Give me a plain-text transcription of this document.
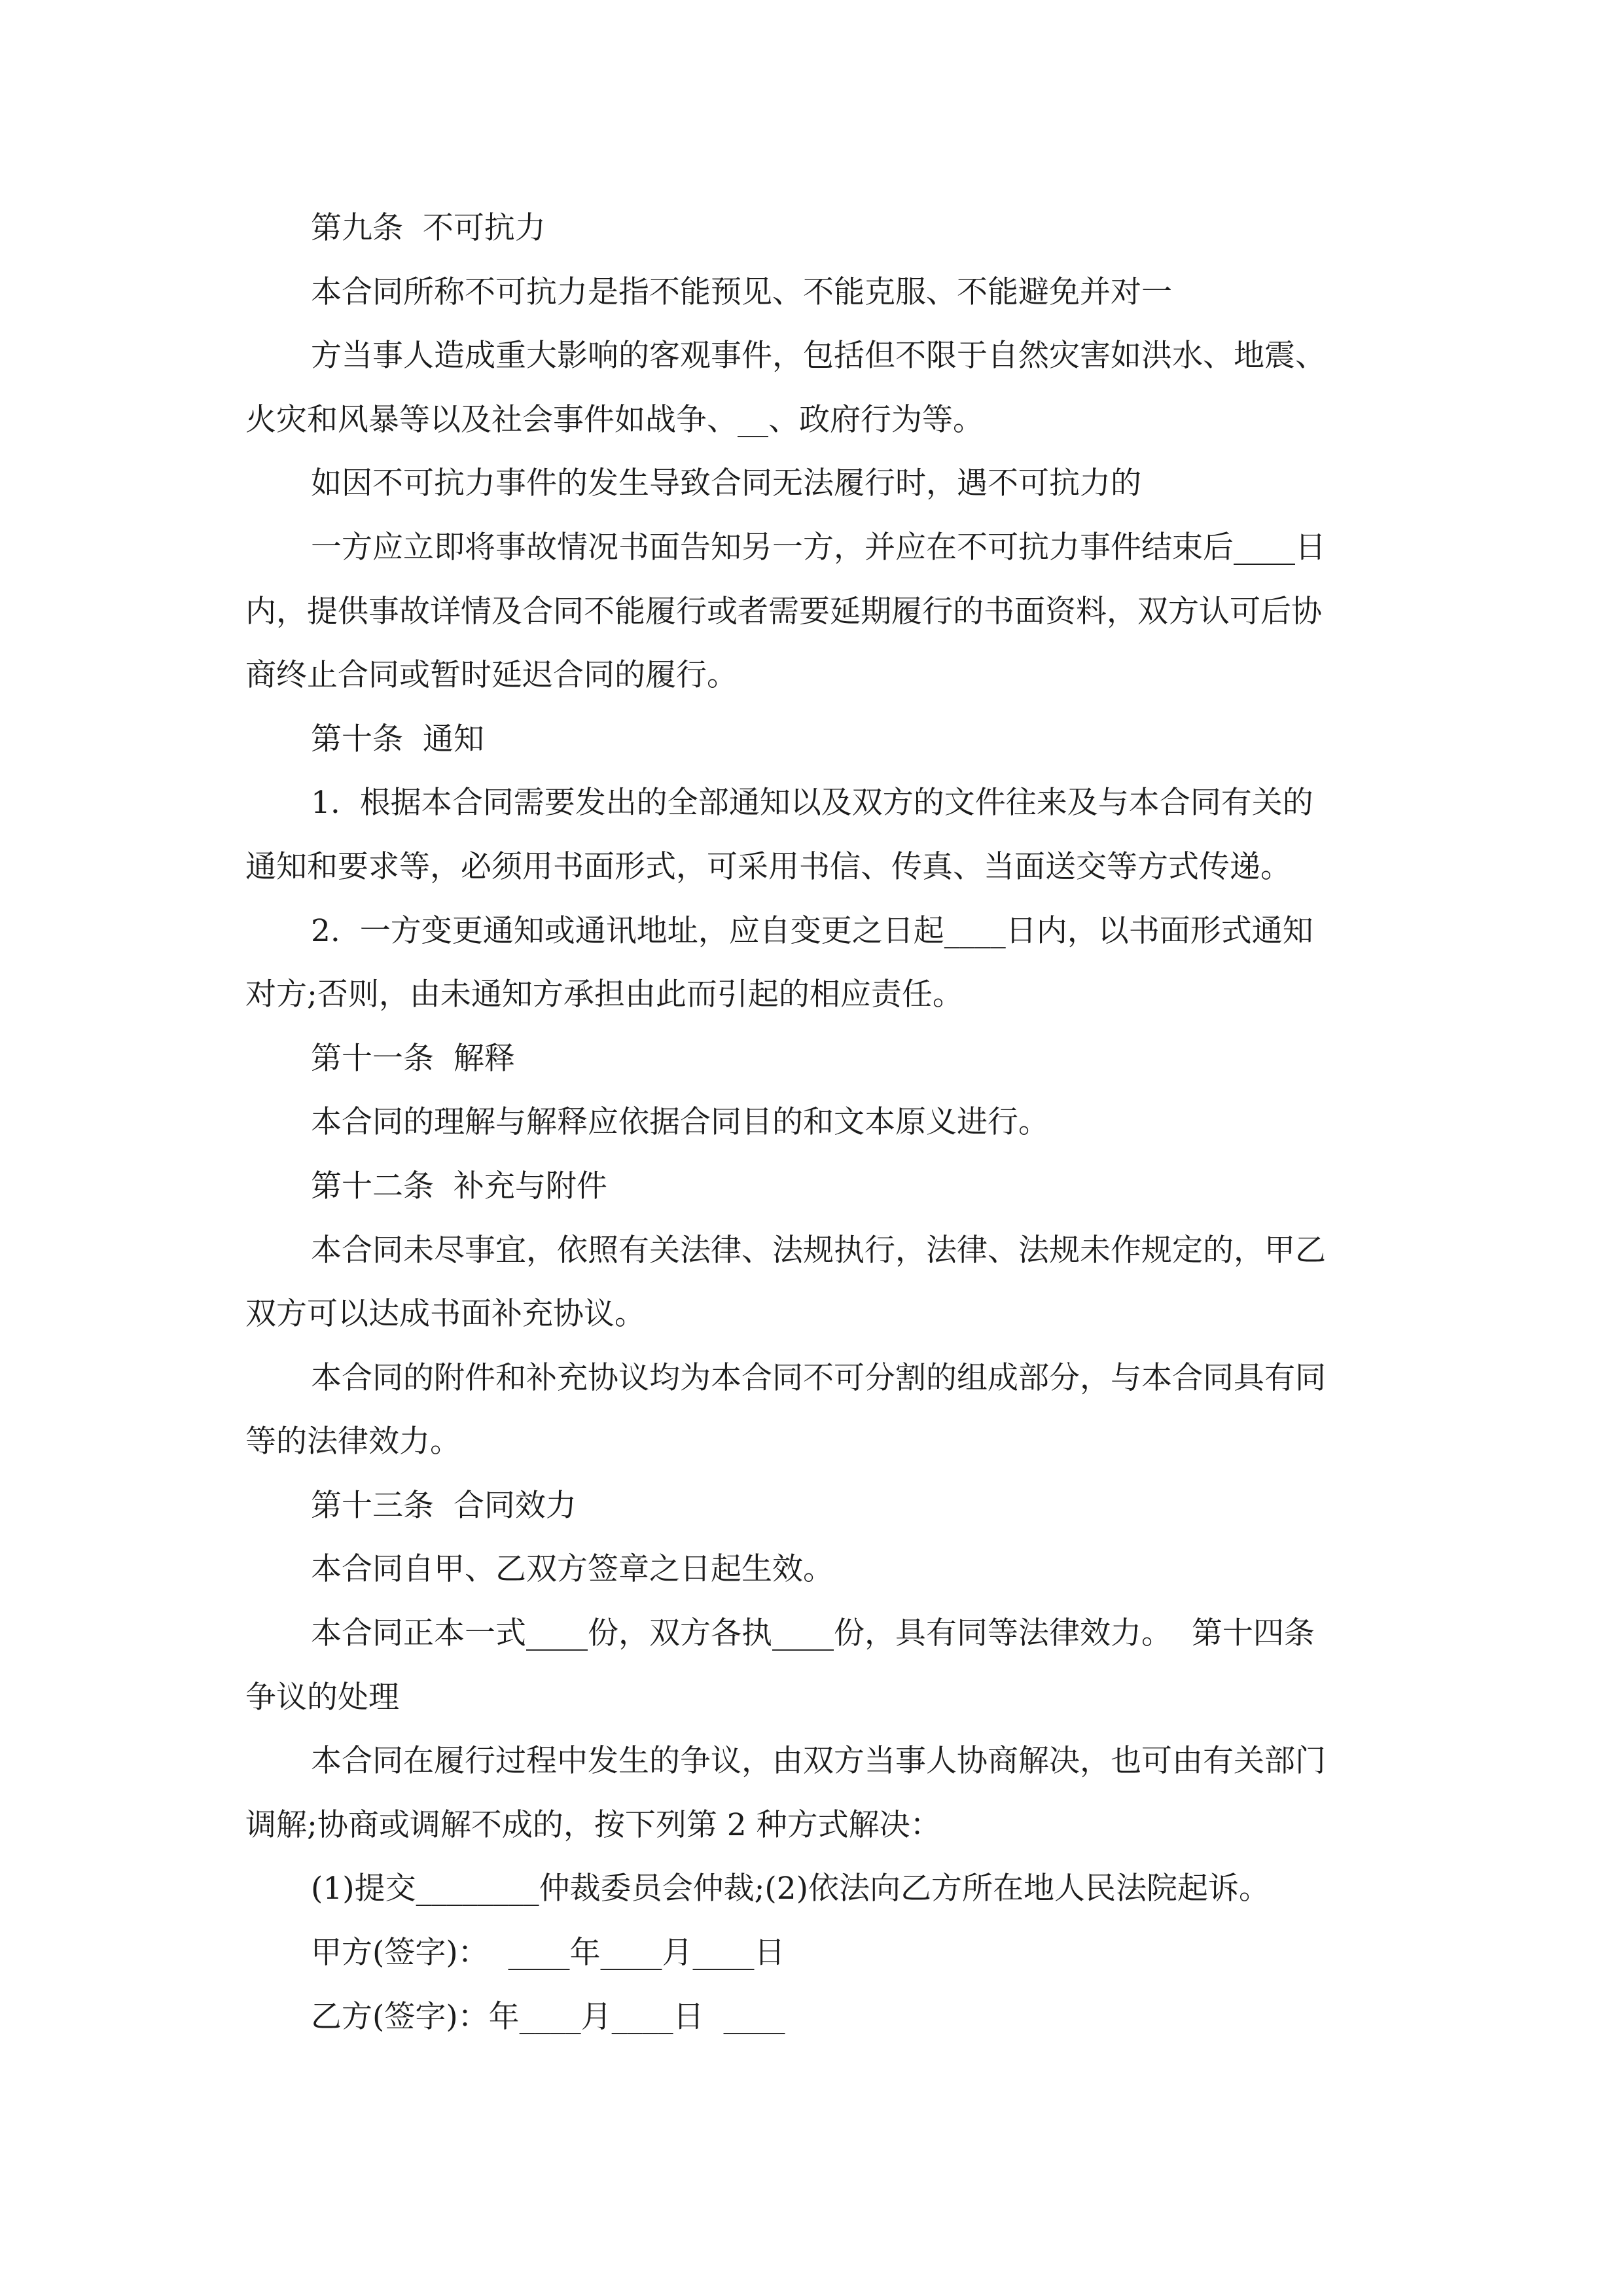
第九条  不可抗力

本合同所称不可抗力是指不能预见、不能克服、不能避免并对一

方当事人造成重大影响的客观事件，包括但不限于自然灾害如洪水、地震、

火灾和风暴等以及社会事件如战争、__、政府行为等。

如因不可抗力事件的发生导致合同无法履行时，遇不可抗力的

一方应立即将事故情况书面告知另一方，并应在不可抗力事件结束后____日

内，提供事故详情及合同不能履行或者需要延期履行的书面资料，双方认可后协

商终止合同或暂时延迟合同的履行。

第十条  通知

1.  根据本合同需要发出的全部通知以及双方的文件往来及与本合同有关的

通知和要求等，必须用书面形式，可采用书信、传真、当面送交等方式传递。

2.  一方变更通知或通讯地址，应自变更之日起____日内，以书面形式通知

对方;否则，由未通知方承担由此而引起的相应责任。

第十一条  解释

本合同的理解与解释应依据合同目的和文本原义进行。

第十二条  补充与附件

本合同未尽事宜，依照有关法律、法规执行，法律、法规未作规定的，甲乙

双方可以达成书面补充协议。

本合同的附件和补充协议均为本合同不可分割的组成部分，与本合同具有同

等的法律效力。

第十三条  合同效力

本合同自甲、乙双方签章之日起生效。

本合同正本一式____份，双方各执____份，具有同等法律效力。  第十四条

争议的处理

本合同在履行过程中发生的争议，由双方当事人协商解决，也可由有关部门

调解;协商或调解不成的，按下列第 2 种方式解决：

(1)提交________仲裁委员会仲裁;(2)依法向乙方所在地人民法院起诉。

甲方(签字)：  ____年____月____日

乙方(签字)：年____月____日  ____
